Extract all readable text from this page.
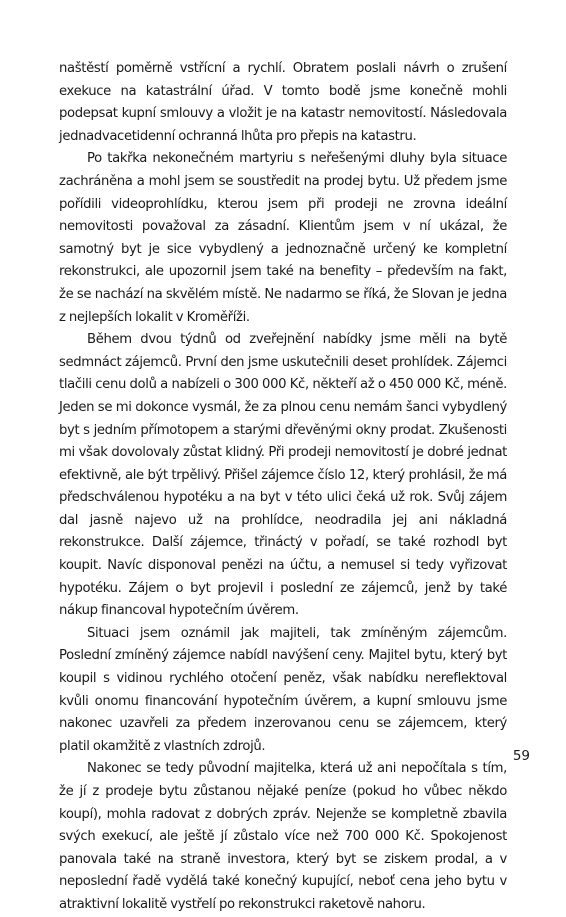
naštěstí poměrně vstřícní a rychlí. Obratem poslali návrh o zrušení exekuce na katastrální úřad. V tomto bodě jsme konečně mohli podepsat kupní smlouvy a vložit je na katastr nemovitostí. Následovala jednadvacetidenní ochranná lhůta pro přepis na katastru.

Po takřka nekonečném martyriu s neřešenými dluhy byla situace zachráněna a mohl jsem se soustředit na prodej bytu. Už předem jsme pořídili videoprohlídku, kterou jsem při prodeji ne zrovna ideální nemovitosti považoval za zásadní. Klientům jsem v ní ukázal, že samotný byt je sice vybydlený a jednoznačně určený ke kompletní rekonstrukci, ale upozornil jsem také na benefity – především na fakt, že se nachází na skvělém místě. Ne nadarmo se říká, že Slovan je jedna z nejlepších lokalit v Kroměříži.

Během dvou týdnů od zveřejnění nabídky jsme měli na bytě sedmnáct zájemců. První den jsme uskutečnili deset prohlídek. Zájemci tlačili cenu dolů a nabízeli o 300 000 Kč, někteří až o 450 000 Kč, méně. Jeden se mi dokonce vysmál, že za plnou cenu nemám šanci vybydlený byt s jedním přímotopem a starými dřevěnými okny prodat. Zkušenosti mi však dovolovaly zůstat klidný. Při prodeji nemovitostí je dobré jednat efektivně, ale být trpělivý. Přišel zájemce číslo 12, který prohlásil, že má předschválenou hypotéku a na byt v této ulici čeká už rok. Svůj zájem dal jasně najevo už na prohlídce, neodradila jej ani nákladná rekonstrukce. Další zájemce, třináctý v pořadí, se také rozhodl byt koupit. Navíc disponoval penězi na účtu, a nemusel si tedy vyřizovat hypotéku. Zájem o byt projevil i poslední ze zájemců, jenž by také nákup financoval hypotečním úvěrem.

Situaci jsem oznámil jak majiteli, tak zmíněným zájemcům. Poslední zmíněný zájemce nabídl navýšení ceny. Majitel bytu, který byt koupil s vidinou rychlého otočení peněz, však nabídku nereflektoval kvůli onomu financování hypotečním úvěrem, a kupní smlouvu jsme nakonec uzavřeli za předem inzerovanou cenu se zájemcem, který platil okamžitě z vlastních zdrojů.

Nakonec se tedy původní majitelka, která už ani nepočítala s tím, že jí z prodeje bytu zůstanou nějaké peníze (pokud ho vůbec někdo koupí), mohla radovat z dobrých zpráv. Nejenže se kompletně zbavila svých exekucí, ale ještě jí zůstalo více než 700 000 Kč. Spokojenost panovala také na straně investora, který byt se ziskem prodal, a v neposlední řadě vydělá také konečný kupující, neboť cena jeho bytu v atraktivní lokalitě vystřelí po rekonstrukci raketově nahoru.

59
